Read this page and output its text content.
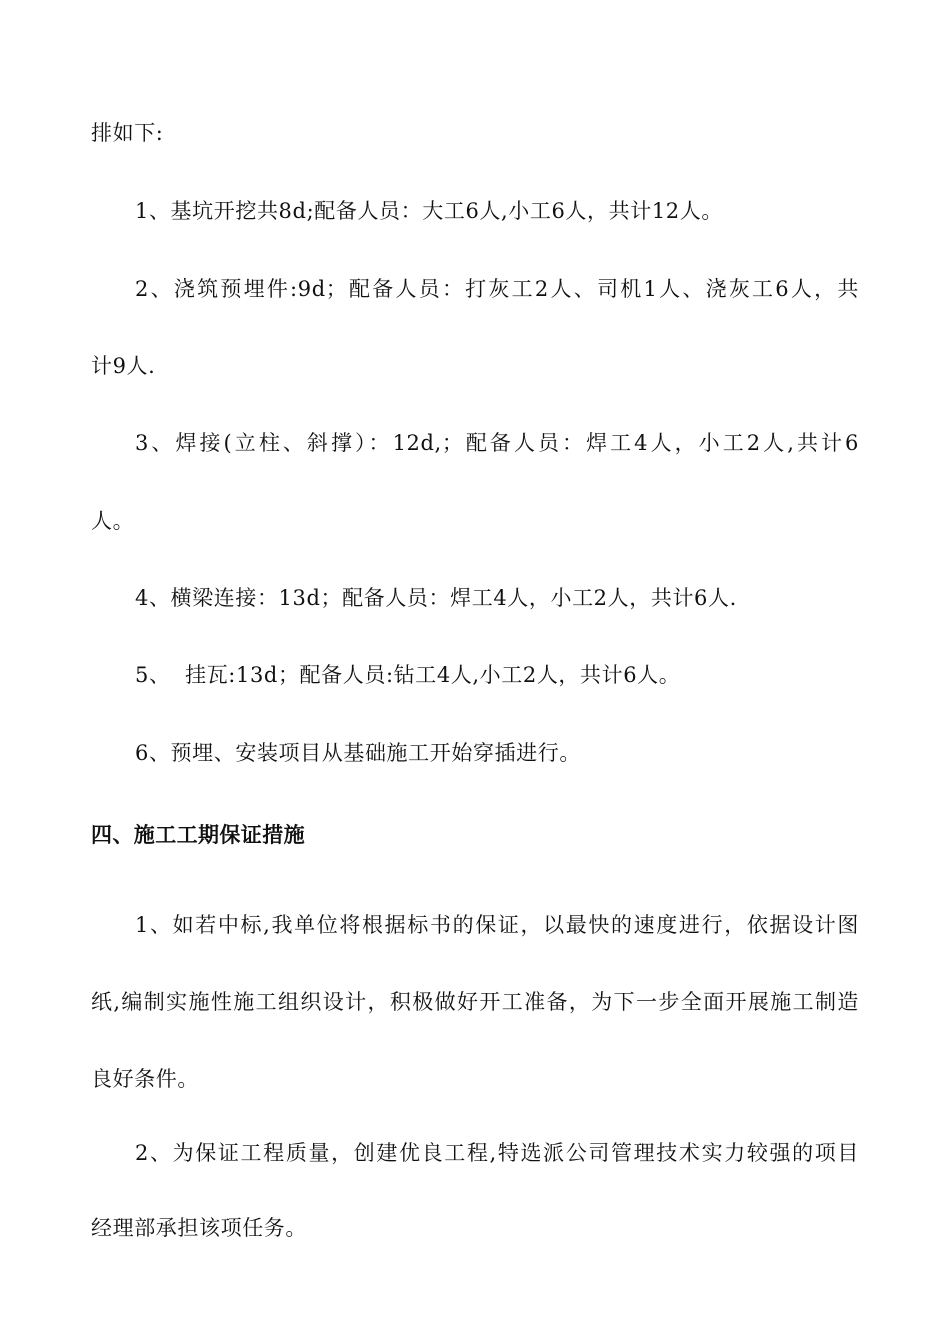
排如下:
1、基坑开挖共8d;配备人员：大工6人,小工6人，共计12人。
2、浇筑预埋件:9d；配备人员：打灰工2人、司机1人、浇灰工6人，共
计9人.
3、焊接(立柱、斜撑）：12d,；配备人员：焊工4人，小工2人,共计6
人。
4、横梁连接：13d；配备人员：焊工4人，小工2人，共计6人.
5、  挂瓦:13d；配备人员:钻工4人,小工2人，共计6人。
6、预埋、安装项目从基础施工开始穿插进行。
四、施工工期保证措施
1、如若中标,我单位将根据标书的保证，以最快的速度进行，依据设计图
纸,编制实施性施工组织设计，积极做好开工准备，为下一步全面开展施工制造
良好条件。
2、为保证工程质量，创建优良工程,特选派公司管理技术实力较强的项目
经理部承担该项任务。
